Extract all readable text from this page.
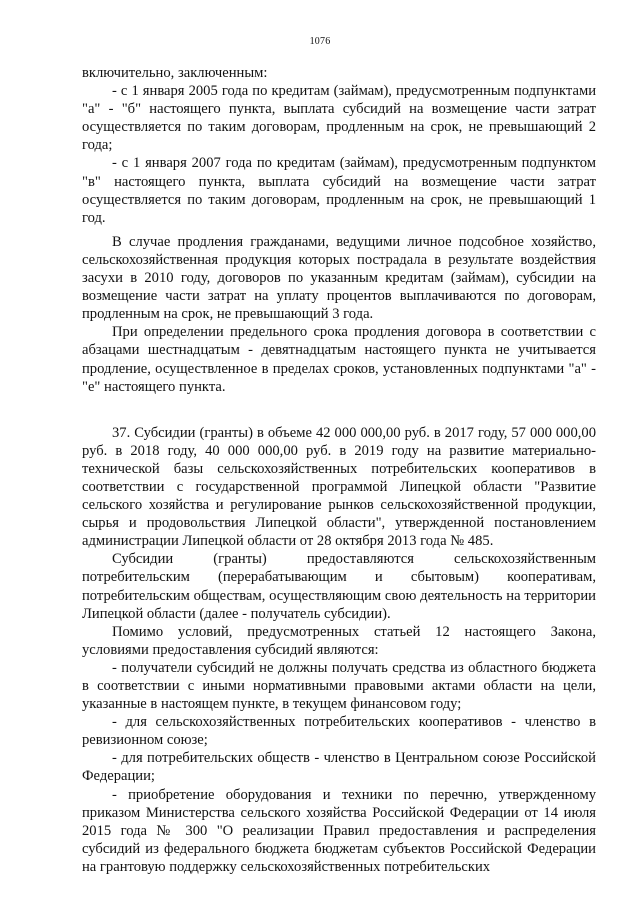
1076

включительно, заключенным:

- с 1 января 2005 года по кредитам (займам), предусмотренным подпунктами "а" - "б" настоящего пункта, выплата субсидий на возмещение части затрат осуществляется по таким договорам, продленным на срок, не превышающий 2 года;

- с 1 января 2007 года по кредитам (займам), предусмотренным подпунктом "в" настоящего пункта, выплата субсидий на возмещение части затрат осуществляется по таким договорам, продленным на срок, не превышающий 1 год.

В случае продления гражданами, ведущими личное подсобное хозяйство, сельскохозяйственная продукция которых пострадала в результате воздействия засухи в 2010 году, договоров по указанным кредитам (займам), субсидии на возмещение части затрат на уплату процентов выплачиваются по договорам, продленным на срок, не превышающий 3 года.

При определении предельного срока продления договора в соответствии с абзацами шестнадцатым - девятнадцатым настоящего пункта не учитывается продление, осуществленное в пределах сроков, установленных подпунктами "а" - "е" настоящего пункта.

37. Субсидии (гранты) в объеме 42 000 000,00 руб. в 2017 году, 57 000 000,00 руб. в 2018 году, 40 000 000,00 руб. в 2019 году на развитие материально-технической базы сельскохозяйственных потребительских кооперативов в соответствии с государственной программой Липецкой области "Развитие сельского хозяйства и регулирование рынков сельскохозяйственной продукции, сырья и продовольствия Липецкой области", утвержденной постановлением администрации Липецкой области от 28 октября 2013 года № 485.

Субсидии (гранты) предоставляются сельскохозяйственным потребительским (перерабатывающим и сбытовым) кооперативам, потребительским обществам, осуществляющим свою деятельность на территории Липецкой области (далее - получатель субсидии).

Помимо условий, предусмотренных статьей 12 настоящего Закона, условиями предоставления субсидий являются:

- получатели субсидий не должны получать средства из областного бюджета в соответствии с иными нормативными правовыми актами области на цели, указанные в настоящем пункте, в текущем финансовом году;

- для сельскохозяйственных потребительских кооперативов - членство в ревизионном союзе;

- для потребительских обществ - членство в Центральном союзе Российской Федерации;

- приобретение оборудования и техники по перечню, утвержденному приказом Министерства сельского хозяйства Российской Федерации от 14 июля 2015 года № 300 "О реализации Правил предоставления и распределения субсидий из федерального бюджета бюджетам субъектов Российской Федерации на грантовую поддержку сельскохозяйственных потребительских
